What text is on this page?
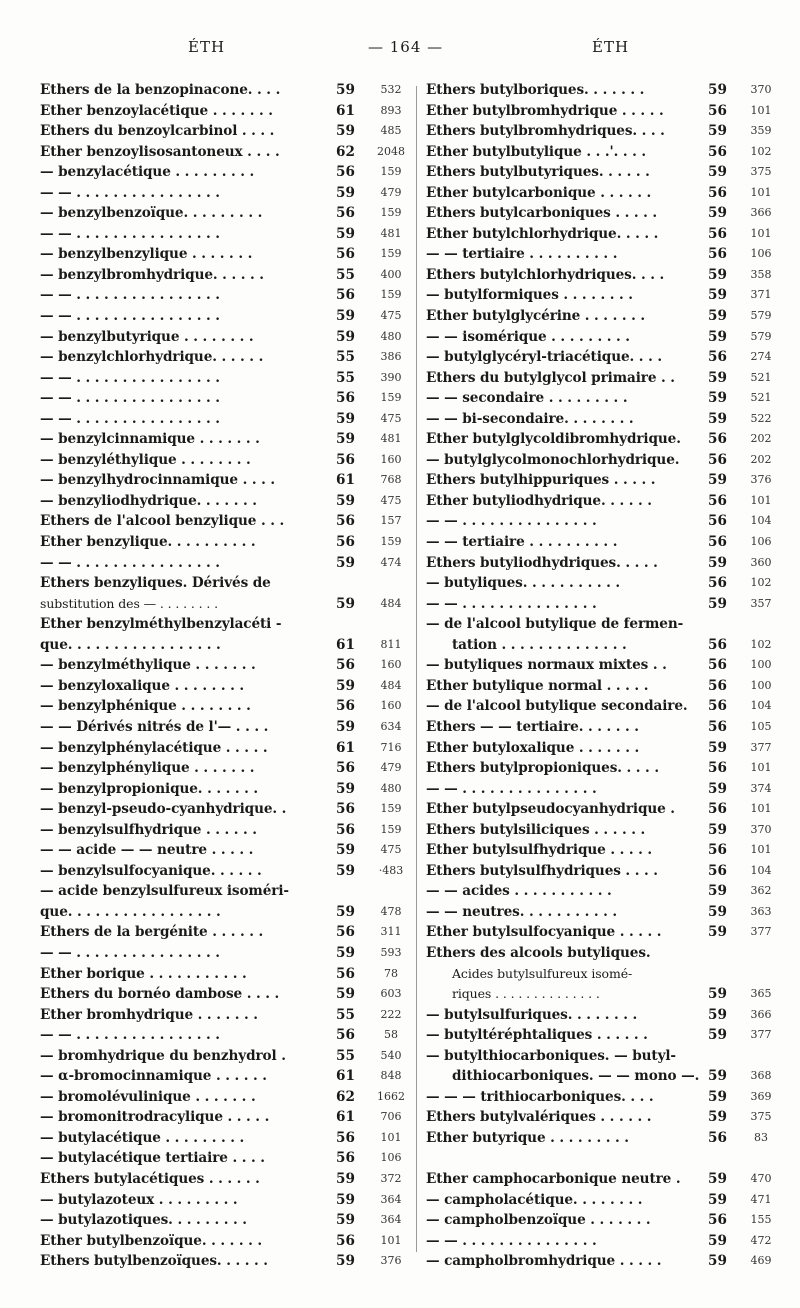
ÉTH	— 164 —	ÉTH
Ethers de la benzopinacone. . . .	59	532
Ether benzoylacétique . . . . . . .	61	893
Ethers du benzoylcarbinol . . . .	59	485
Ether benzoylisosantoneux . . . .	62 2048
— benzylacétique . . . . . . . . .	56	159
— — . . . . . . . . . . . . . . . .	59	479
— benzylbenzoïque. . . . . . . . .	56	159
— — . . . . . . . . . . . . . . . .	59	481
— benzylbenzylique . . . . . . .	56	159
— benzylbromhydrique. . . . . .	55	400
— — . . . . . . . . . . . . . . . .	56	159
— — . . . . . . . . . . . . . . . .	59	475
— benzylbutyrique . . . . . . . .	59	480
— benzylchlorhydrique. . . . . .	55	386
— — . . . . . . . . . . . . . . . .	55	390
— — . . . . . . . . . . . . . . . .	56	159
— — . . . . . . . . . . . . . . . .	59	475
— benzylcinnamique . . . . . . .	59	481
— benzyléthylique . . . . . . . .	56	160
— benzylhydrocinnamique . . . .	61	768
— benzyliodhydrique. . . . . . .	59	475
Ethers de l'alcool benzylique . . .	56	157
Ether benzylique. . . . . . . . . .	56	159
— — . . . . . . . . . . . . . . . .	59	474
Ethers benzyliques. Dérivés de
substitution des — . . . . . . . .	59	484
Ether benzylméthylbenzylacéti -
que. . . . . . . . . . . . . . . . .	61	811
— benzylméthylique . . . . . . .	56	160
— benzyloxalique . . . . . . . .	59	484
— benzylphénique . . . . . . . .	56	160
— — Dérivés nitrés de l'— . . . .	59	634
— benzylphénylacétique . . . . .	61	716
— benzylphénylique . . . . . . .	56	479
— benzylpropionique. . . . . . .	59	480
— benzyl-pseudo-cyanhydrique. .	56	159
— benzylsulfhydrique . . . . . .	56	159
— — acide — — neutre . . . . .	59	475
— benzylsulfocyanique. . . . . .	59	·483
— acide benzylsulfureux isoméri-
que. . . . . . . . . . . . . . . . .	59	478
Ethers de la bergénite . . . . . .	56	311
— — . . . . . . . . . . . . . . . .	59	593
Ether borique . . . . . . . . . . .	56	78
Ethers du bornéo dambose . . . .	59	603
Ether bromhydrique . . . . . . .	55	222
— — . . . . . . . . . . . . . . . .	56	58
— bromhydrique du benzhydrol .	55	540
— α-bromocinnamique . . . . . .	61	848
— bromolévulinique . . . . . . .	62 1662
— bromonitrodracylique . . . . .	61	706
— butylacétique . . . . . . . . .	56	101
— butylacétique tertiaire . . . .	56	106
Ethers butylacétiques . . . . . .	59	372
— butylazoteux . . . . . . . . .	59	364
— butylazotiques. . . . . . . . .	59	364
Ether butylbenzoïque. . . . . . .	56	101
Ethers butylbenzoïques. . . . . .	59	376
Ethers butylboriques. . . . . . .	59	370
Ether butylbromhydrique . . . . .	56	101
Ethers butylbromhydriques. . . .	59	359
Ether butylbutylique . . .'. . . .	56	102
Ethers butylbutyriques. . . . . .	59	375
Ether butylcarbonique . . . . . .	56	101
Ethers butylcarboniques . . . . .	59	366
Ether butylchlorhydrique. . . . .	56	101
— — tertiaire . . . . . . . . . .	56	106
Ethers butylchlorhydriques. . . .	59	358
— butylformiques . . . . . . . .	59	371
Ether butylglycérine . . . . . . .	59	579
— — isomérique . . . . . . . . .	59	579
— butylglycéryl-triacétique. . . .	56	274
Ethers du butylglycol primaire . .	59	521
— — secondaire . . . . . . . . .	59	521
— — bi-secondaire. . . . . . . .	59	522
Ether butylglycoldibromhydrique.	56	202
— butylglycolmonochlorhydrique.	56	202
Ethers butylhippuriques . . . . .	59	376
Ether butyliodhydrique. . . . . .	56	101
— — . . . . . . . . . . . . . . .	56	104
— — tertiaire . . . . . . . . . .	56	106
Ethers butyliodhydriques. . . . .	59	360
— butyliques. . . . . . . . . . .	56	102
— — . . . . . . . . . . . . . . .	59	357
— de l'alcool butylique de fermen-
tation . . . . . . . . . . . . . .	56	102
— butyliques normaux mixtes . .	56	100
Ether butylique normal . . . . .	56	100
— de l'alcool butylique secondaire.	56	104
Ethers — — tertiaire. . . . . . .	56	105
Ether butyloxalique . . . . . . .	59	377
Ethers butylpropioniques. . . . .	56	101
— — . . . . . . . . . . . . . . .	59	374
Ether butylpseudocyanhydrique .	56	101
Ethers butylsiliciques . . . . . .	59	370
Ether butylsulfhydrique . . . . .	56	101
Ethers butylsulfhydriques . . . .	56	104
— — acides . . . . . . . . . . .	59	362
— — neutres. . . . . . . . . . .	59	363
Ether butylsulfocyanique . . . . .	59	377
Ethers des alcools butyliques.
Acides butylsulfureux isomé-
riques . . . . . . . . . . . . . .	59	365
— butylsulfuriques. . . . . . . .	59	366
— butyltéréphtaliques . . . . . .	59	377
— butylthiocarboniques. — butyl-
dithiocarboniques. — — mono —. 59	368
— — — trithiocarboniques. . . .	59	369
Ethers butylvalériques . . . . . .	59	375
Ether butyrique . . . . . . . . .	56	83
Ether camphocarbonique neutre .	59	470
— campholacétique. . . . . . . .	59	471
— campholbenzoïque . . . . . . .	56	155
— — . . . . . . . . . . . . . . .	59	472
— campholbromhydrique . . . . .	59	469
